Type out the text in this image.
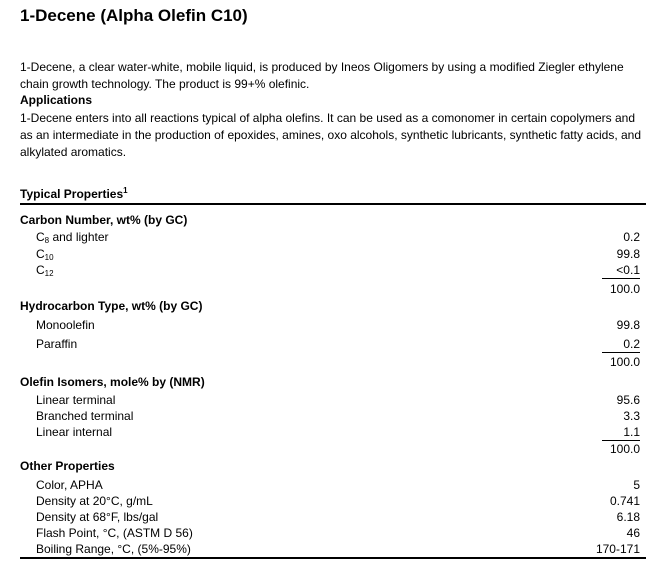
1-Decene (Alpha Olefin C10)
1-Decene, a clear water-white, mobile liquid, is produced by Ineos Oligomers by using a modified Ziegler ethylene chain growth technology. The product is 99+% olefinic.
Applications
1-Decene enters into all reactions typical of alpha olefins. It can be used as a comonomer in certain copolymers and as an intermediate in the production of epoxides, amines, oxo alcohols, synthetic lubricants, synthetic fatty acids, and alkylated aromatics.
Typical Properties$^1$
Carbon Number, wt% (by GC)
C8 and lighter	0.2
C10	99.8
C12	<0.1
100.0
Hydrocarbon Type, wt% (by GC)
Monoolefin	99.8
Paraffin	0.2
100.0
Olefin Isomers, mole% by (NMR)
Linear terminal	95.6
Branched terminal	3.3
Linear internal	1.1
100.0
Other Properties
Color, APHA	5
Density at 20°C, g/mL	0.741
Density at 68°F, lbs/gal	6.18
Flash Point, °C, (ASTM D 56)	46
Boiling Range, °C, (5%-95%)	170-171
